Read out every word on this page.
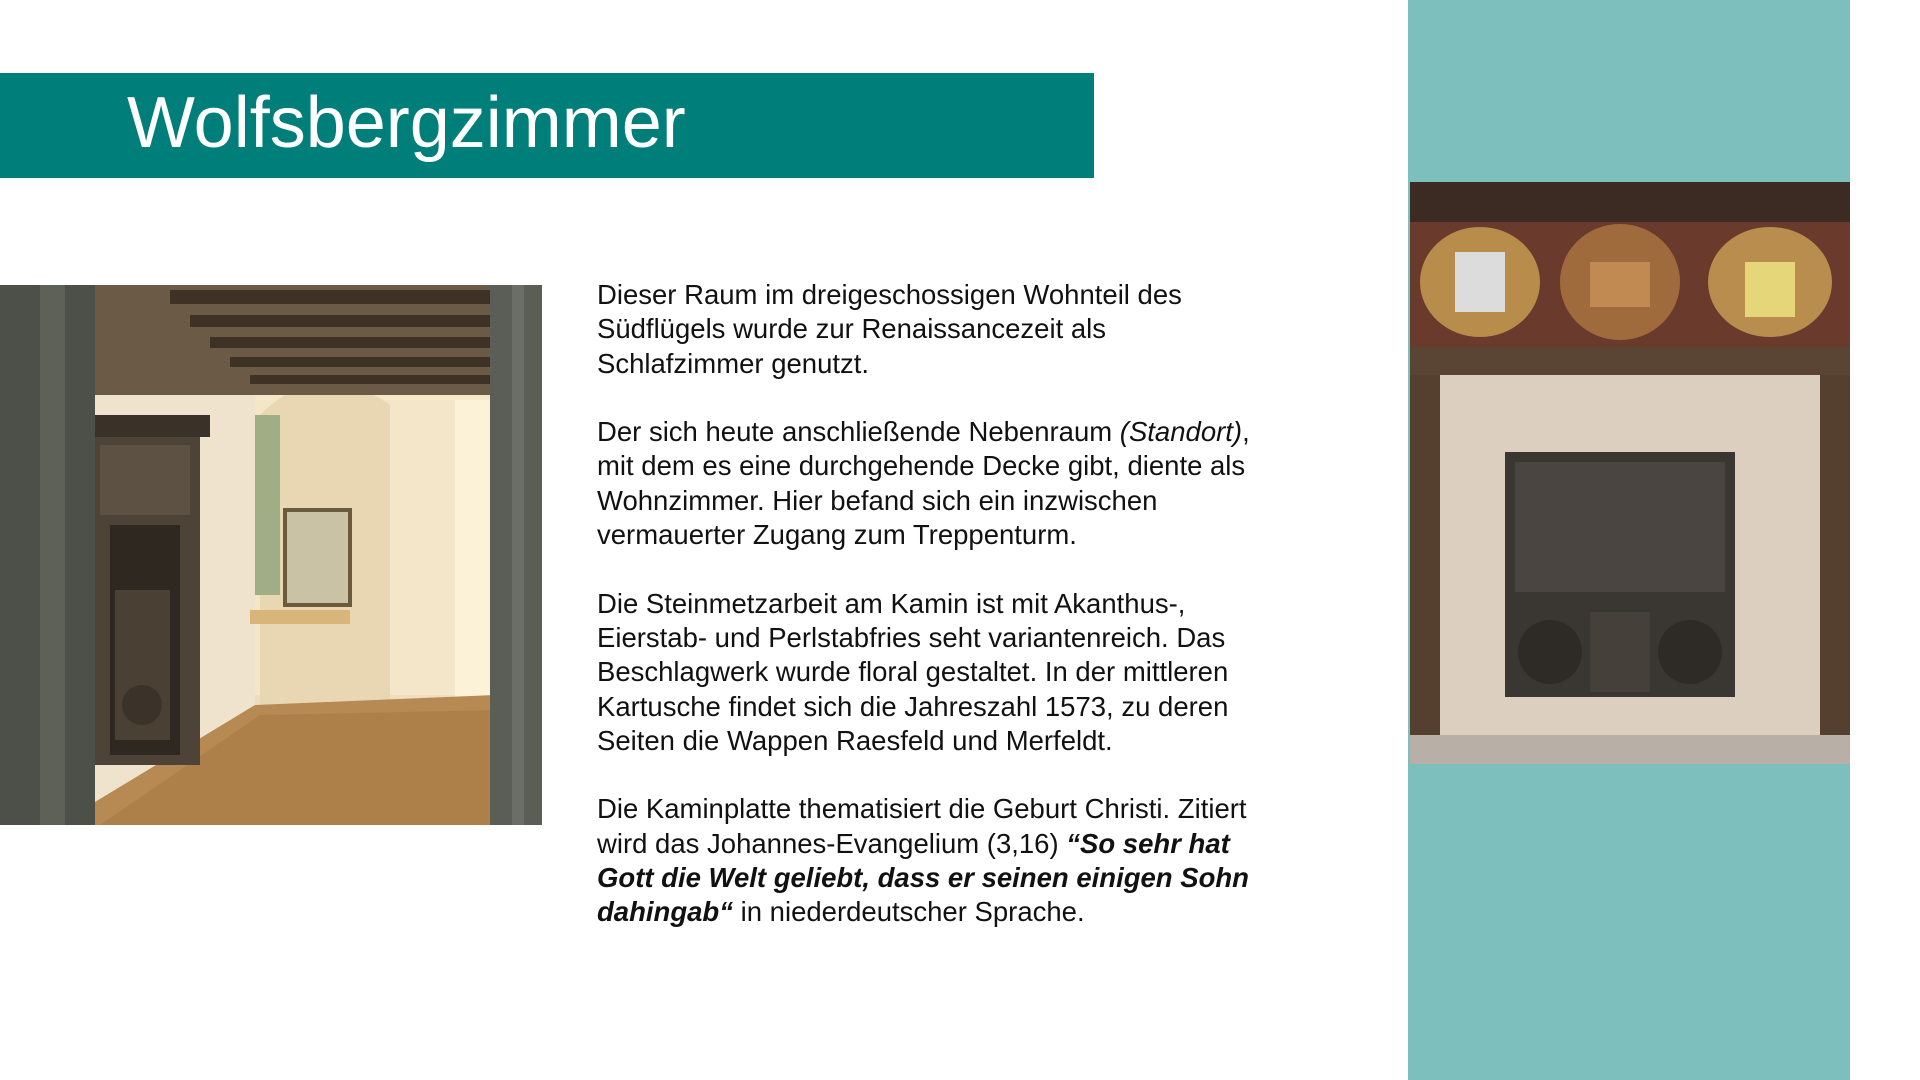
Wolfsbergzimmer

Dieser Raum im dreigeschossigen Wohnteil des
Südflügels wurde zur Renaissancezeit als
Schlafzimmer genutzt.

Der sich heute anschließende Nebenraum (Standort),
mit dem es eine durchgehende Decke gibt, diente als
Wohnzimmer. Hier befand sich ein inzwischen
vermauerter Zugang zum Treppenturm.

Die Steinmetzarbeit am Kamin ist mit Akanthus-,
Eierstab- und Perlstabfries seht variantenreich. Das
Beschlagwerk wurde floral gestaltet. In der mittleren
Kartusche findet sich die Jahreszahl 1573, zu deren
Seiten die Wappen Raesfeld und Merfeldt.

Die Kaminplatte thematisiert die Geburt Christi. Zitiert
wird das Johannes-Evangelium (3,16) “So sehr hat
Gott die Welt geliebt, dass er seinen einigen Sohn
dahingab“ in niederdeutscher Sprache.
